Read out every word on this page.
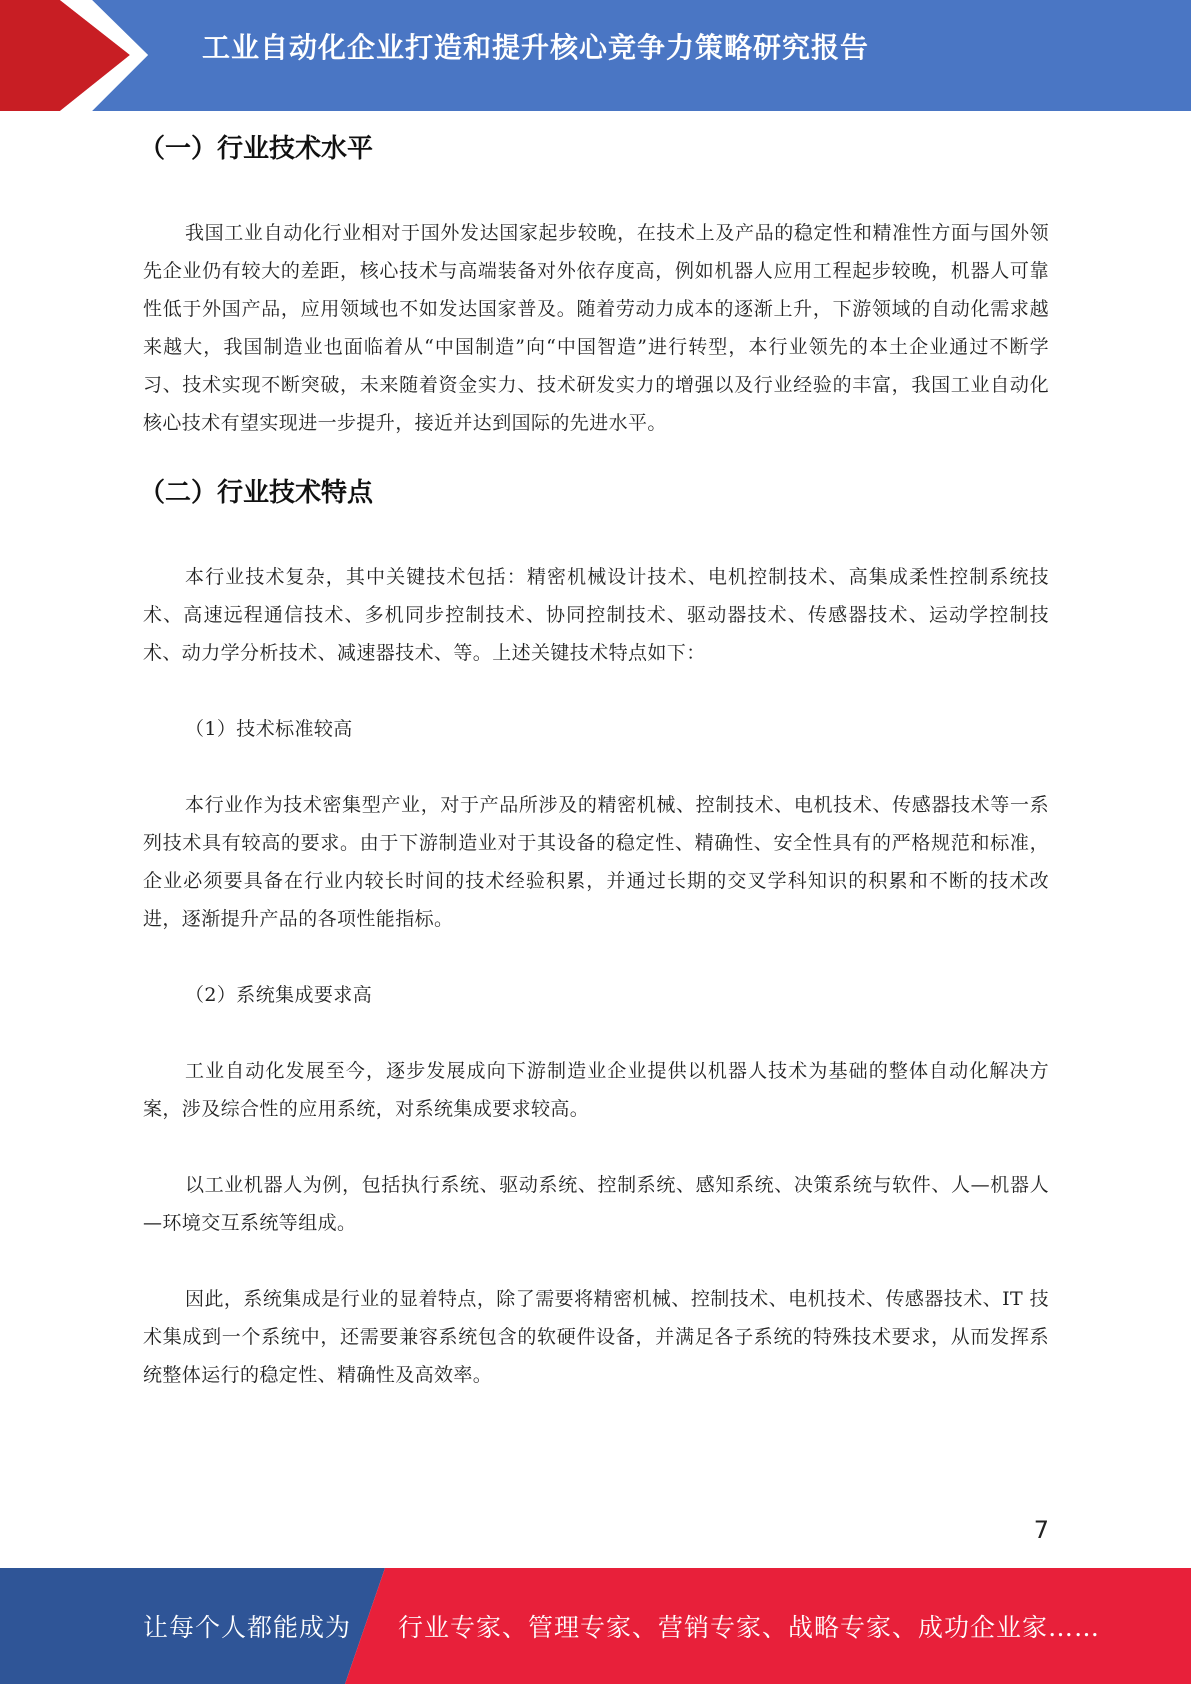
工业自动化企业打造和提升核心竞争力策略研究报告
（一）行业技术水平

我国工业自动化行业相对于国外发达国家起步较晚，在技术上及产品的稳定性和精准性方面与国外领先企业仍有较大的差距，核心技术与高端装备对外依存度高，例如机器人应用工程起步较晚，机器人可靠性低于外国产品，应用领域也不如发达国家普及。随着劳动力成本的逐渐上升，下游领域的自动化需求越来越大，我国制造业也面临着从“中国制造”向“中国智造”进行转型，本行业领先的本土企业通过不断学习、技术实现不断突破，未来随着资金实力、技术研发实力的增强以及行业经验的丰富，我国工业自动化核心技术有望实现进一步提升，接近并达到国际的先进水平。

（二）行业技术特点

本行业技术复杂，其中关键技术包括：精密机械设计技术、电机控制技术、高集成柔性控制系统技术、高速远程通信技术、多机同步控制技术、协同控制技术、驱动器技术、传感器技术、运动学控制技术、动力学分析技术、减速器技术、等。上述关键技术特点如下：

（1）技术标准较高

本行业作为技术密集型产业，对于产品所涉及的精密机械、控制技术、电机技术、传感器技术等一系列技术具有较高的要求。由于下游制造业对于其设备的稳定性、精确性、安全性具有的严格规范和标准，企业必须要具备在行业内较长时间的技术经验积累，并通过长期的交叉学科知识的积累和不断的技术改进，逐渐提升产品的各项性能指标。

（2）系统集成要求高

工业自动化发展至今，逐步发展成向下游制造业企业提供以机器人技术为基础的整体自动化解决方案，涉及综合性的应用系统，对系统集成要求较高。

以工业机器人为例，包括执行系统、驱动系统、控制系统、感知系统、决策系统与软件、人—机器人—环境交互系统等组成。

因此，系统集成是行业的显着特点，除了需要将精密机械、控制技术、电机技术、传感器技术、IT 技术集成到一个系统中，还需要兼容系统包含的软硬件设备，并满足各子系统的特殊技术要求，从而发挥系统整体运行的稳定性、精确性及高效率。

7
让每个人都能成为 行业专家、管理专家、营销专家、战略专家、成功企业家……
